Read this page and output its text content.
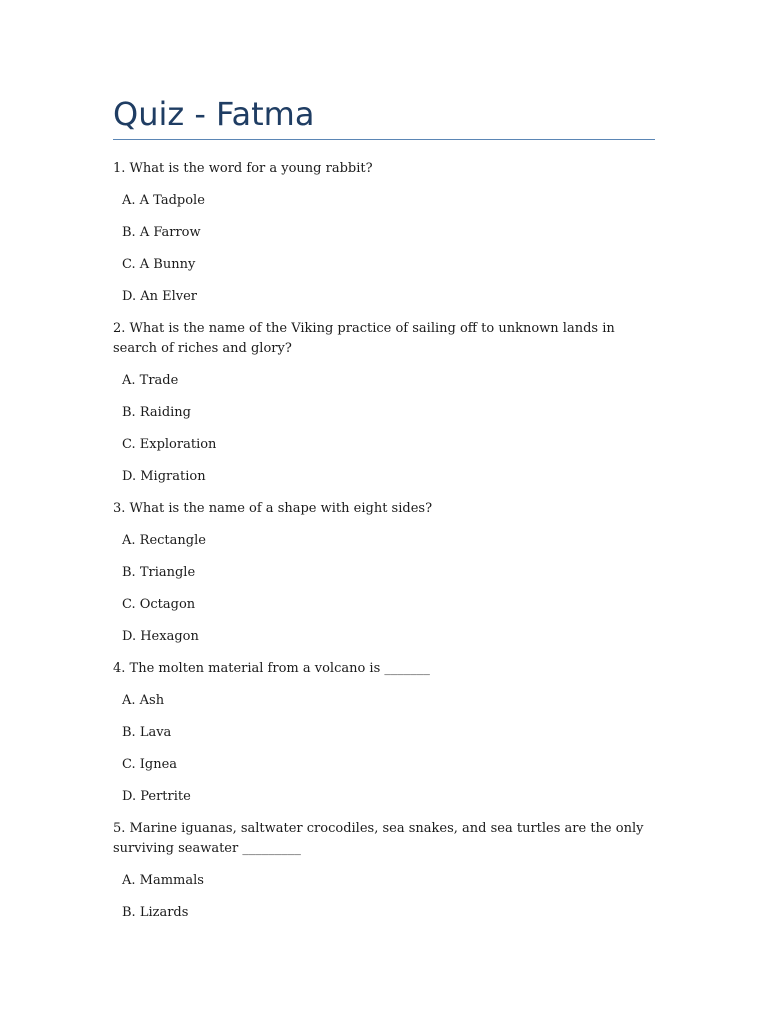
Quiz - Fatma

1. What is the word for a young rabbit?

A. A Tadpole

B. A Farrow

C. A Bunny

D. An Elver

2. What is the name of the Viking practice of sailing off to unknown lands in search of riches and glory?

A. Trade

B. Raiding

C. Exploration

D. Migration

3. What is the name of a shape with eight sides?

A. Rectangle

B. Triangle

C. Octagon

D. Hexagon

4. The molten material from a volcano is _______

A. Ash

B. Lava

C. Ignea

D. Pertrite

5. Marine iguanas, saltwater crocodiles, sea snakes, and sea turtles are the only surviving seawater _________

A. Mammals

B. Lizards
